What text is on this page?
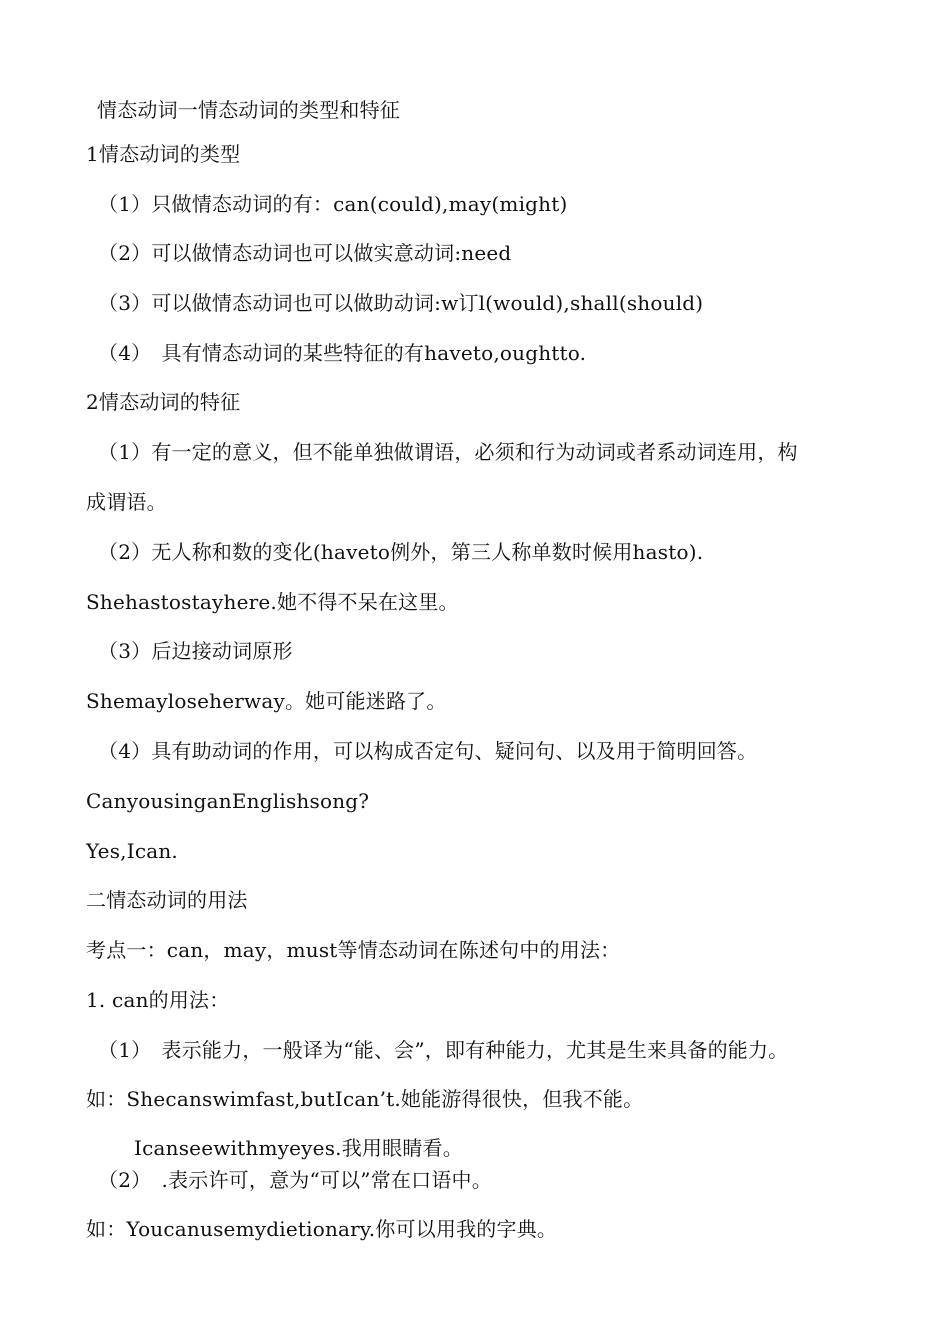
情态动词一情态动词的类型和特征
1情态动词的类型
（1）只做情态动词的有：can(could),may(might)
（2）可以做情态动词也可以做实意动词:need
（3）可以做情态动词也可以做助动词:w订l(would),shall(should)
（4）　具有情态动词的某些特征的有haveto,oughtto.
2情态动词的特征
（1）有一定的意义，但不能单独做谓语，必须和行为动词或者系动词连用，构
成谓语。
（2）无人称和数的变化(haveto例外，第三人称单数时候用hasto).
Shehastostayhere.她不得不呆在这里。
（3）后边接动词原形
Shemayloseherway。她可能迷路了。
（4）具有助动词的作用，可以构成否定句、疑问句、以及用于简明回答。
CanyousinganEnglishsong?
Yes,Ican.
二情态动词的用法
考点一：can，may，must等情态动词在陈述句中的用法：
1. can的用法：
（1）　表示能力，一般译为“能、会”，即有种能力，尤其是生来具备的能力。
如：Shecanswimfast,butIcan’t.她能游得很快，但我不能。
Icanseewithmyeyes.我用眼睛看。
（2）　.表示许可，意为“可以”常在口语中。
如：Youcanusemydietionary.你可以用我的字典。
